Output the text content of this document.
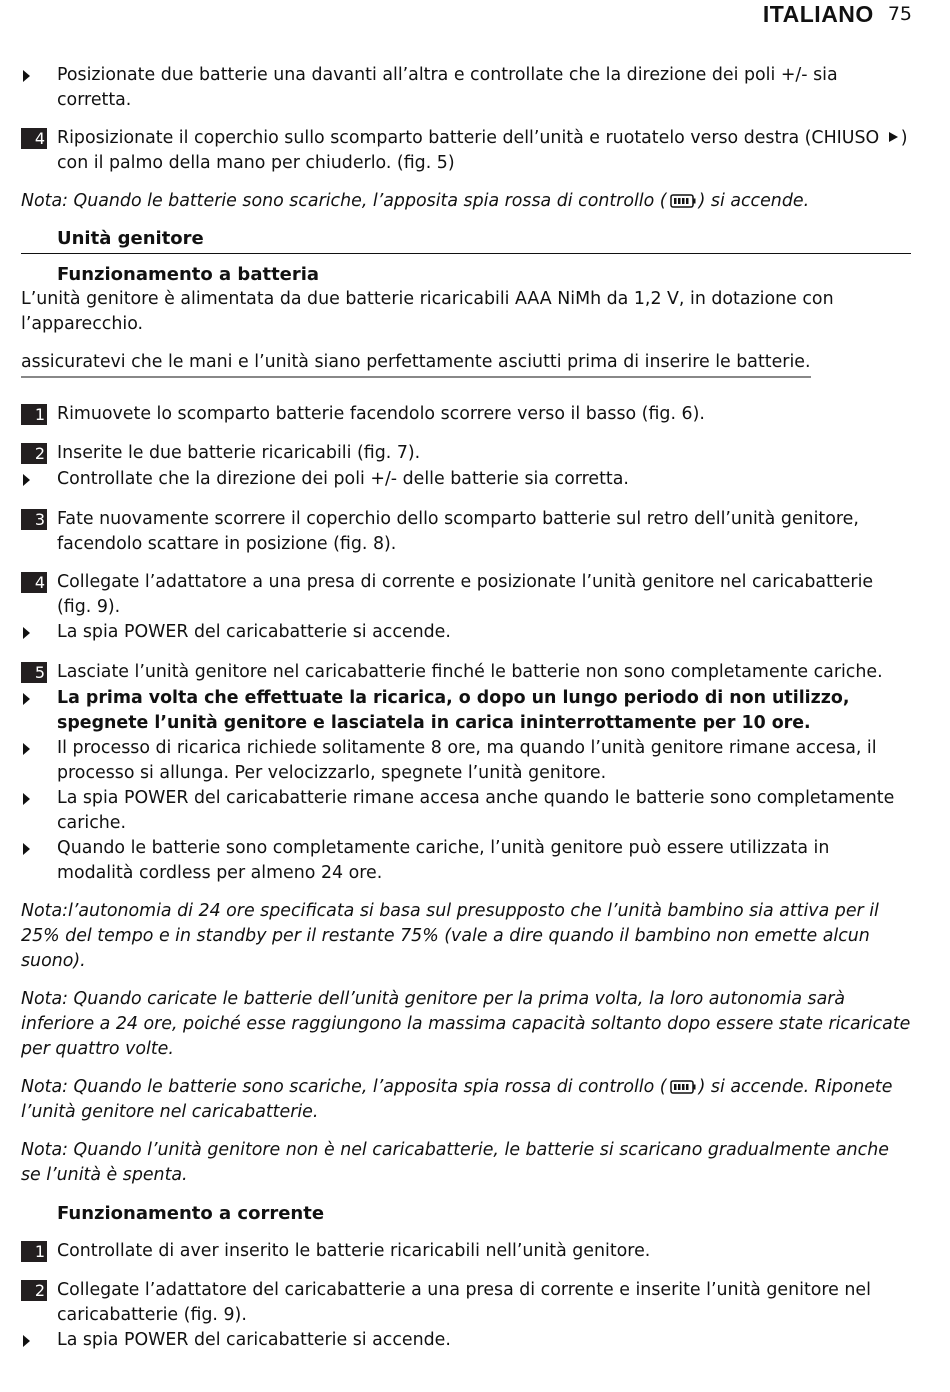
ITALIANO 75
Posizionate due batterie una davanti all’altra e controllate che la direzione dei poli +/- sia corretta.
4 Riposizionate il coperchio sullo scomparto batterie dell’unità e ruotatelo verso destra (CHIUSO ) con il palmo della mano per chiuderlo. (fig. 5)
Nota: Quando le batterie sono scariche, l’apposita spia rossa di controllo ( ) si accende.
Unità genitore
Funzionamento a batteria
L’unità genitore è alimentata da due batterie ricaricabili AAA NiMh da 1,2 V, in dotazione con l’apparecchio.
assicuratevi che le mani e l’unità siano perfettamente asciutti prima di inserire le batterie.
1 Rimuovete lo scomparto batterie facendolo scorrere verso il basso (fig. 6).
2 Inserite le due batterie ricaricabili (fig. 7).
Controllate che la direzione dei poli +/- delle batterie sia corretta.
3 Fate nuovamente scorrere il coperchio dello scomparto batterie sul retro dell’unità genitore, facendolo scattare in posizione (fig. 8).
4 Collegate l’adattatore a una presa di corrente e posizionate l’unità genitore nel caricabatterie (fig. 9).
La spia POWER del caricabatterie si accende.
5 Lasciate l’unità genitore nel caricabatterie finché le batterie non sono completamente cariche.
La prima volta che effettuate la ricarica, o dopo un lungo periodo di non utilizzo, spegnete l’unità genitore e lasciatela in carica ininterrottamente per 10 ore.
Il processo di ricarica richiede solitamente 8 ore, ma quando l’unità genitore rimane accesa, il processo si allunga. Per velocizzarlo, spegnete l’unità genitore.
La spia POWER del caricabatterie rimane accesa anche quando le batterie sono completamente cariche.
Quando le batterie sono completamente cariche, l’unità genitore può essere utilizzata in modalità cordless per almeno 24 ore.
Nota:l’autonomia di 24 ore specificata si basa sul presupposto che l’unità bambino sia attiva per il 25% del tempo e in standby per il restante 75% (vale a dire quando il bambino non emette alcun suono).
Nota: Quando caricate le batterie dell’unità genitore per la prima volta, la loro autonomia sarà inferiore a 24 ore, poiché esse raggiungono la massima capacità soltanto dopo essere state ricaricate per quattro volte.
Nota: Quando le batterie sono scariche, l’apposita spia rossa di controllo ( ) si accende. Riponete l’unità genitore nel caricabatterie.
Nota: Quando l’unità genitore non è nel caricabatterie, le batterie si scaricano gradualmente anche se l’unità è spenta.
Funzionamento a corrente
1 Controllate di aver inserito le batterie ricaricabili nell’unità genitore.
2 Collegate l’adattatore del caricabatterie a una presa di corrente e inserite l’unità genitore nel caricabatterie (fig. 9).
La spia POWER del caricabatterie si accende.
